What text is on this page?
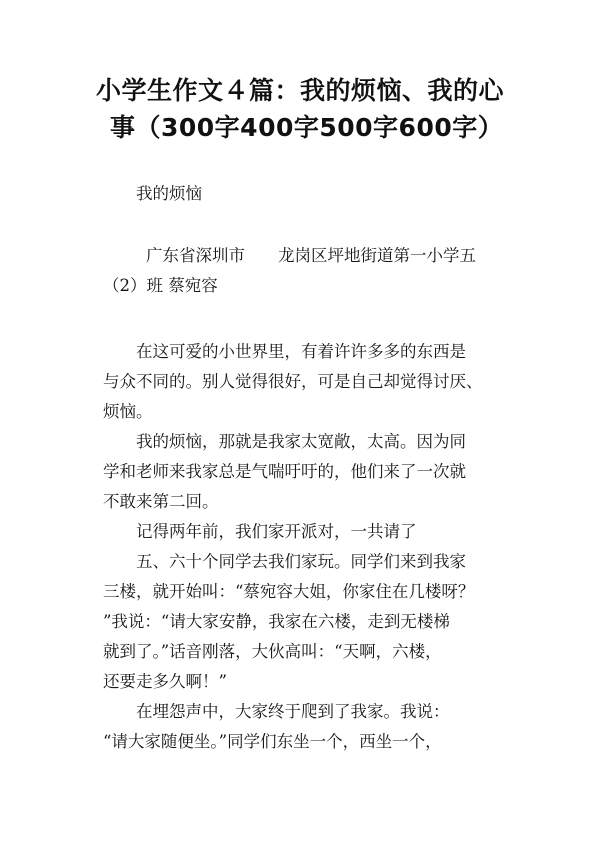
小学生作文４篇：我的烦恼、我的心
事（300字400字500字600字）
我的烦恼
广东省深圳市　　龙岗区坪地街道第一小学五
（2）班 蔡宛容
在这可爱的小世界里，有着许许多多的东西是
与众不同的。别人觉得很好，可是自己却觉得讨厌、
烦恼。
我的烦恼，那就是我家太宽敞，太高。因为同
学和老师来我家总是气喘吁吁的，他们来了一次就
不敢来第二回。
记得两年前，我们家开派对，一共请了
五、六十个同学去我们家玩。同学们来到我家
三楼，就开始叫：“蔡宛容大姐，你家住在几楼呀？
”我说：“请大家安静，我家在六楼，走到无楼梯
就到了。”话音刚落，大伙高叫：“天啊，六楼，
还要走多久啊！”
在埋怨声中，大家终于爬到了我家。我说：
“请大家随便坐。”同学们东坐一个，西坐一个，
